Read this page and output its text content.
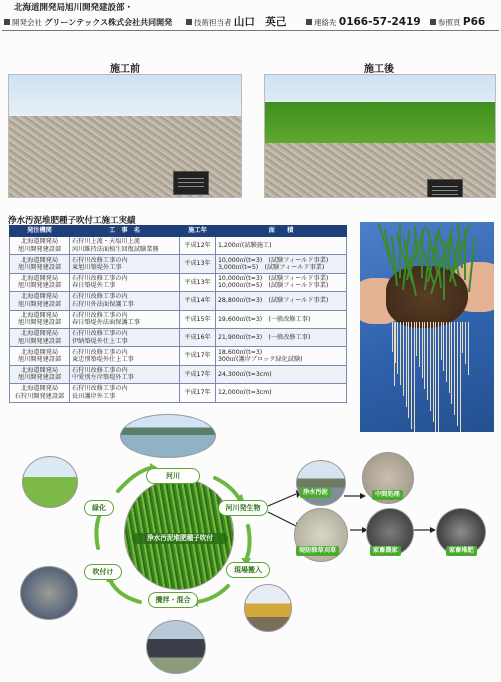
北海道開発局旭川開発建設部・
開発会社 グリーンテックス株式会社共同開発	技術担当者 山口　英己	連絡先 0166-57-2419	参照頁 P66
施工前	施工後
浄水汚泥堆肥種子吹付工施工実績
発注機関	工　事　名	施工年	面　　積
北海道開発局
旭川開発建設部	石狩川上流・天塩川上流
河川維持法面植生回復試験業務	平成12年	1,200㎡(試験施工)
北海道開発局
旭川開発建設部	石狩川改修工事の内
東旭川築堤外工事	平成13年	10,000㎡(t=3)　(試験フィールド事業)
3,000㎡(t=5)　(試験フィールド事業)
北海道開発局
旭川開発建設部	石狩川改修工事の内
春日築堤外工事	平成13年	10,000㎡(t=3)　(試験フィールド事業)
10,000㎡(t=5)　(試験フィールド事業)
北海道開発局
旭川開発建設部	石狩川改修工事の内
石狩川外法面保護工事	平成14年	28,800㎡(t=3)　(試験フィールド事業)
北海道開発局
旭川開発建設部	石狩川改修工事の内
春日築堤外法面保護工事	平成15年	19,600㎡(t=3)　(一般改修工事)
北海道開発局
旭川開発建設部	石狩川改修工事の内
伊納築堤外仕上工事	平成16年	21,900㎡(t=3)　(一般改修工事)
北海道開発局
旭川開発建設部	石狩川改修工事の内
東忠別築堤外仕上工事	平成17年	18,600㎡(t=3)
300㎡(護岸ブロック緑化試験)
北海道開発局
旭川開発建設部	石狩川改修工事の内
中愛別左岸築堤外工事	平成17年	24,300㎡(t=3cm)
北海道開発局
石狩川開発建設部	石狩川改修工事の内
長田護岸外工事	平成17年	12,000㎡(t=3cm)
浄水汚泥堆肥種子吹付
河川
河川発生物
現場搬入
攪拌・混合
吹付け
緑化
浄水汚泥	中間処理
堤防除草刈草	家畜農家	家畜堆肥
